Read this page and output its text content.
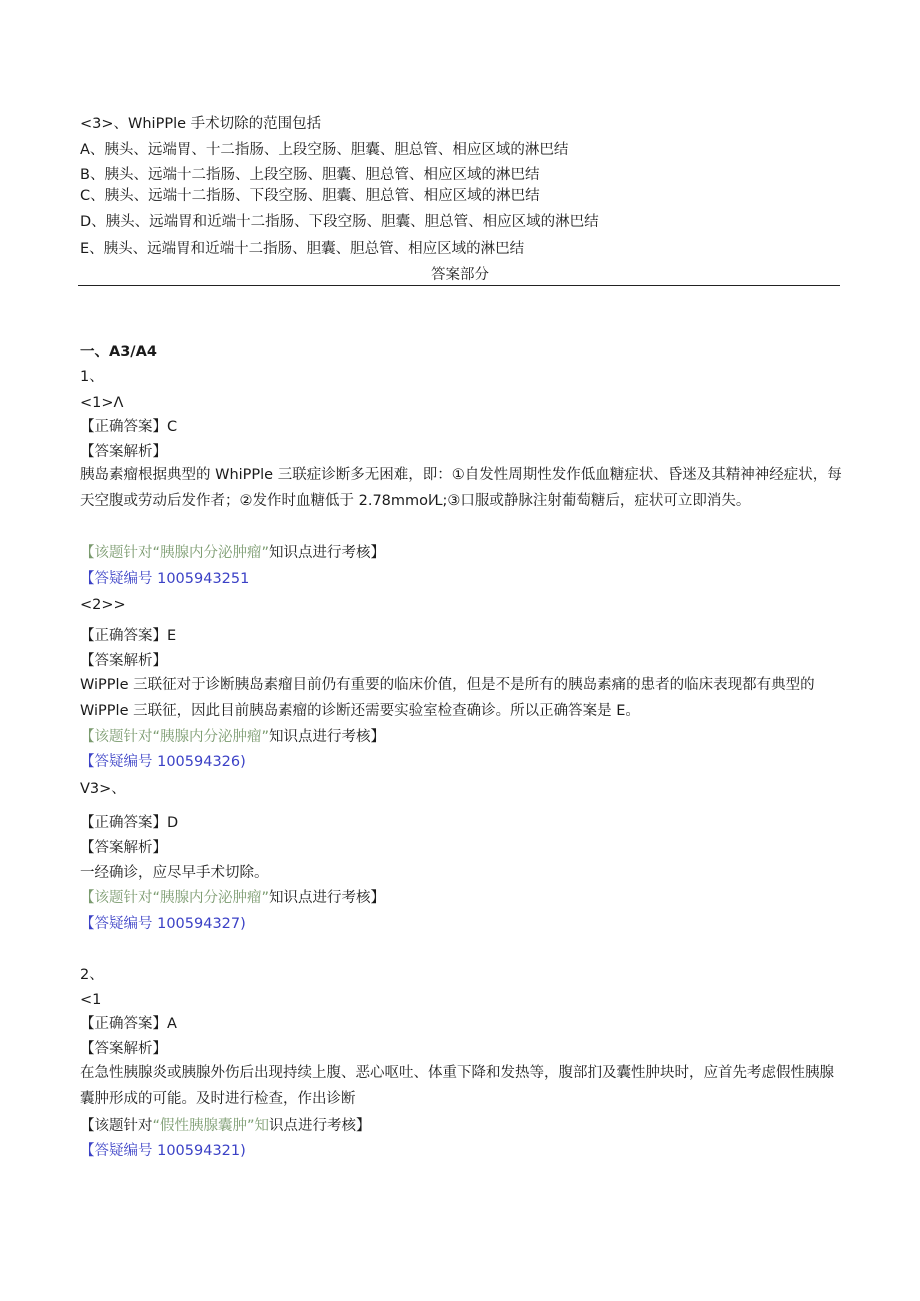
<3>、WhiPPle 手术切除的范围包括
A、胰头、远端胃、十二指肠、上段空肠、胆囊、胆总管、相应区域的淋巴结
B、胰头、远端十二指肠、上段空肠、胆囊、胆总管、相应区域的淋巴结
C、胰头、远端十二指肠、下段空肠、胆囊、胆总管、相应区域的淋巴结
D、胰头、远端胃和近端十二指肠、下段空肠、胆囊、胆总管、相应区域的淋巴结
E、胰头、远端胃和近端十二指肠、胆囊、胆总管、相应区域的淋巴结
答案部分
一、A3/A4
1、
<1>Λ
【正确答案】C
【答案解析】
胰岛素瘤根据典型的 WhiPPle 三联症诊断多无困难，即：①自发性周期性发作低血糖症状、昏迷及其精神神经症状，每天空腹或劳动后发作者；②发作时血糖低于 2.78mmol⁄L;③口服或静脉注射葡萄糖后，症状可立即消失。
【该题针对“胰腺内分泌肿瘤”知识点进行考核】
【答疑编号 1005943251
<2>>
【正确答案】E
【答案解析】
WiPPle 三联征对于诊断胰岛素瘤目前仍有重要的临床价值，但是不是所有的胰岛素痛的患者的临床表现都有典型的 WiPPle 三联征，因此目前胰岛素瘤的诊断还需要实验室检查确诊。所以正确答案是 E。
【该题针对“胰腺内分泌肿瘤”知识点进行考核】
【答疑编号 100594326)
V3>、
【正确答案】D
【答案解析】
一经确诊，应尽早手术切除。
【该题针对“胰腺内分泌肿瘤”知识点进行考核】
【答疑编号 100594327)
2、
<1
【正确答案】A
【答案解析】
在急性胰腺炎或胰腺外伤后出现持续上腹、恶心呕吐、体重下降和发热等，腹部扪及囊性肿块时，应首先考虑假性胰腺囊肿形成的可能。及时进行检查，作出诊断
【该题针对“假性胰腺囊肿”知识点进行考核】
【答疑编号 100594321)
